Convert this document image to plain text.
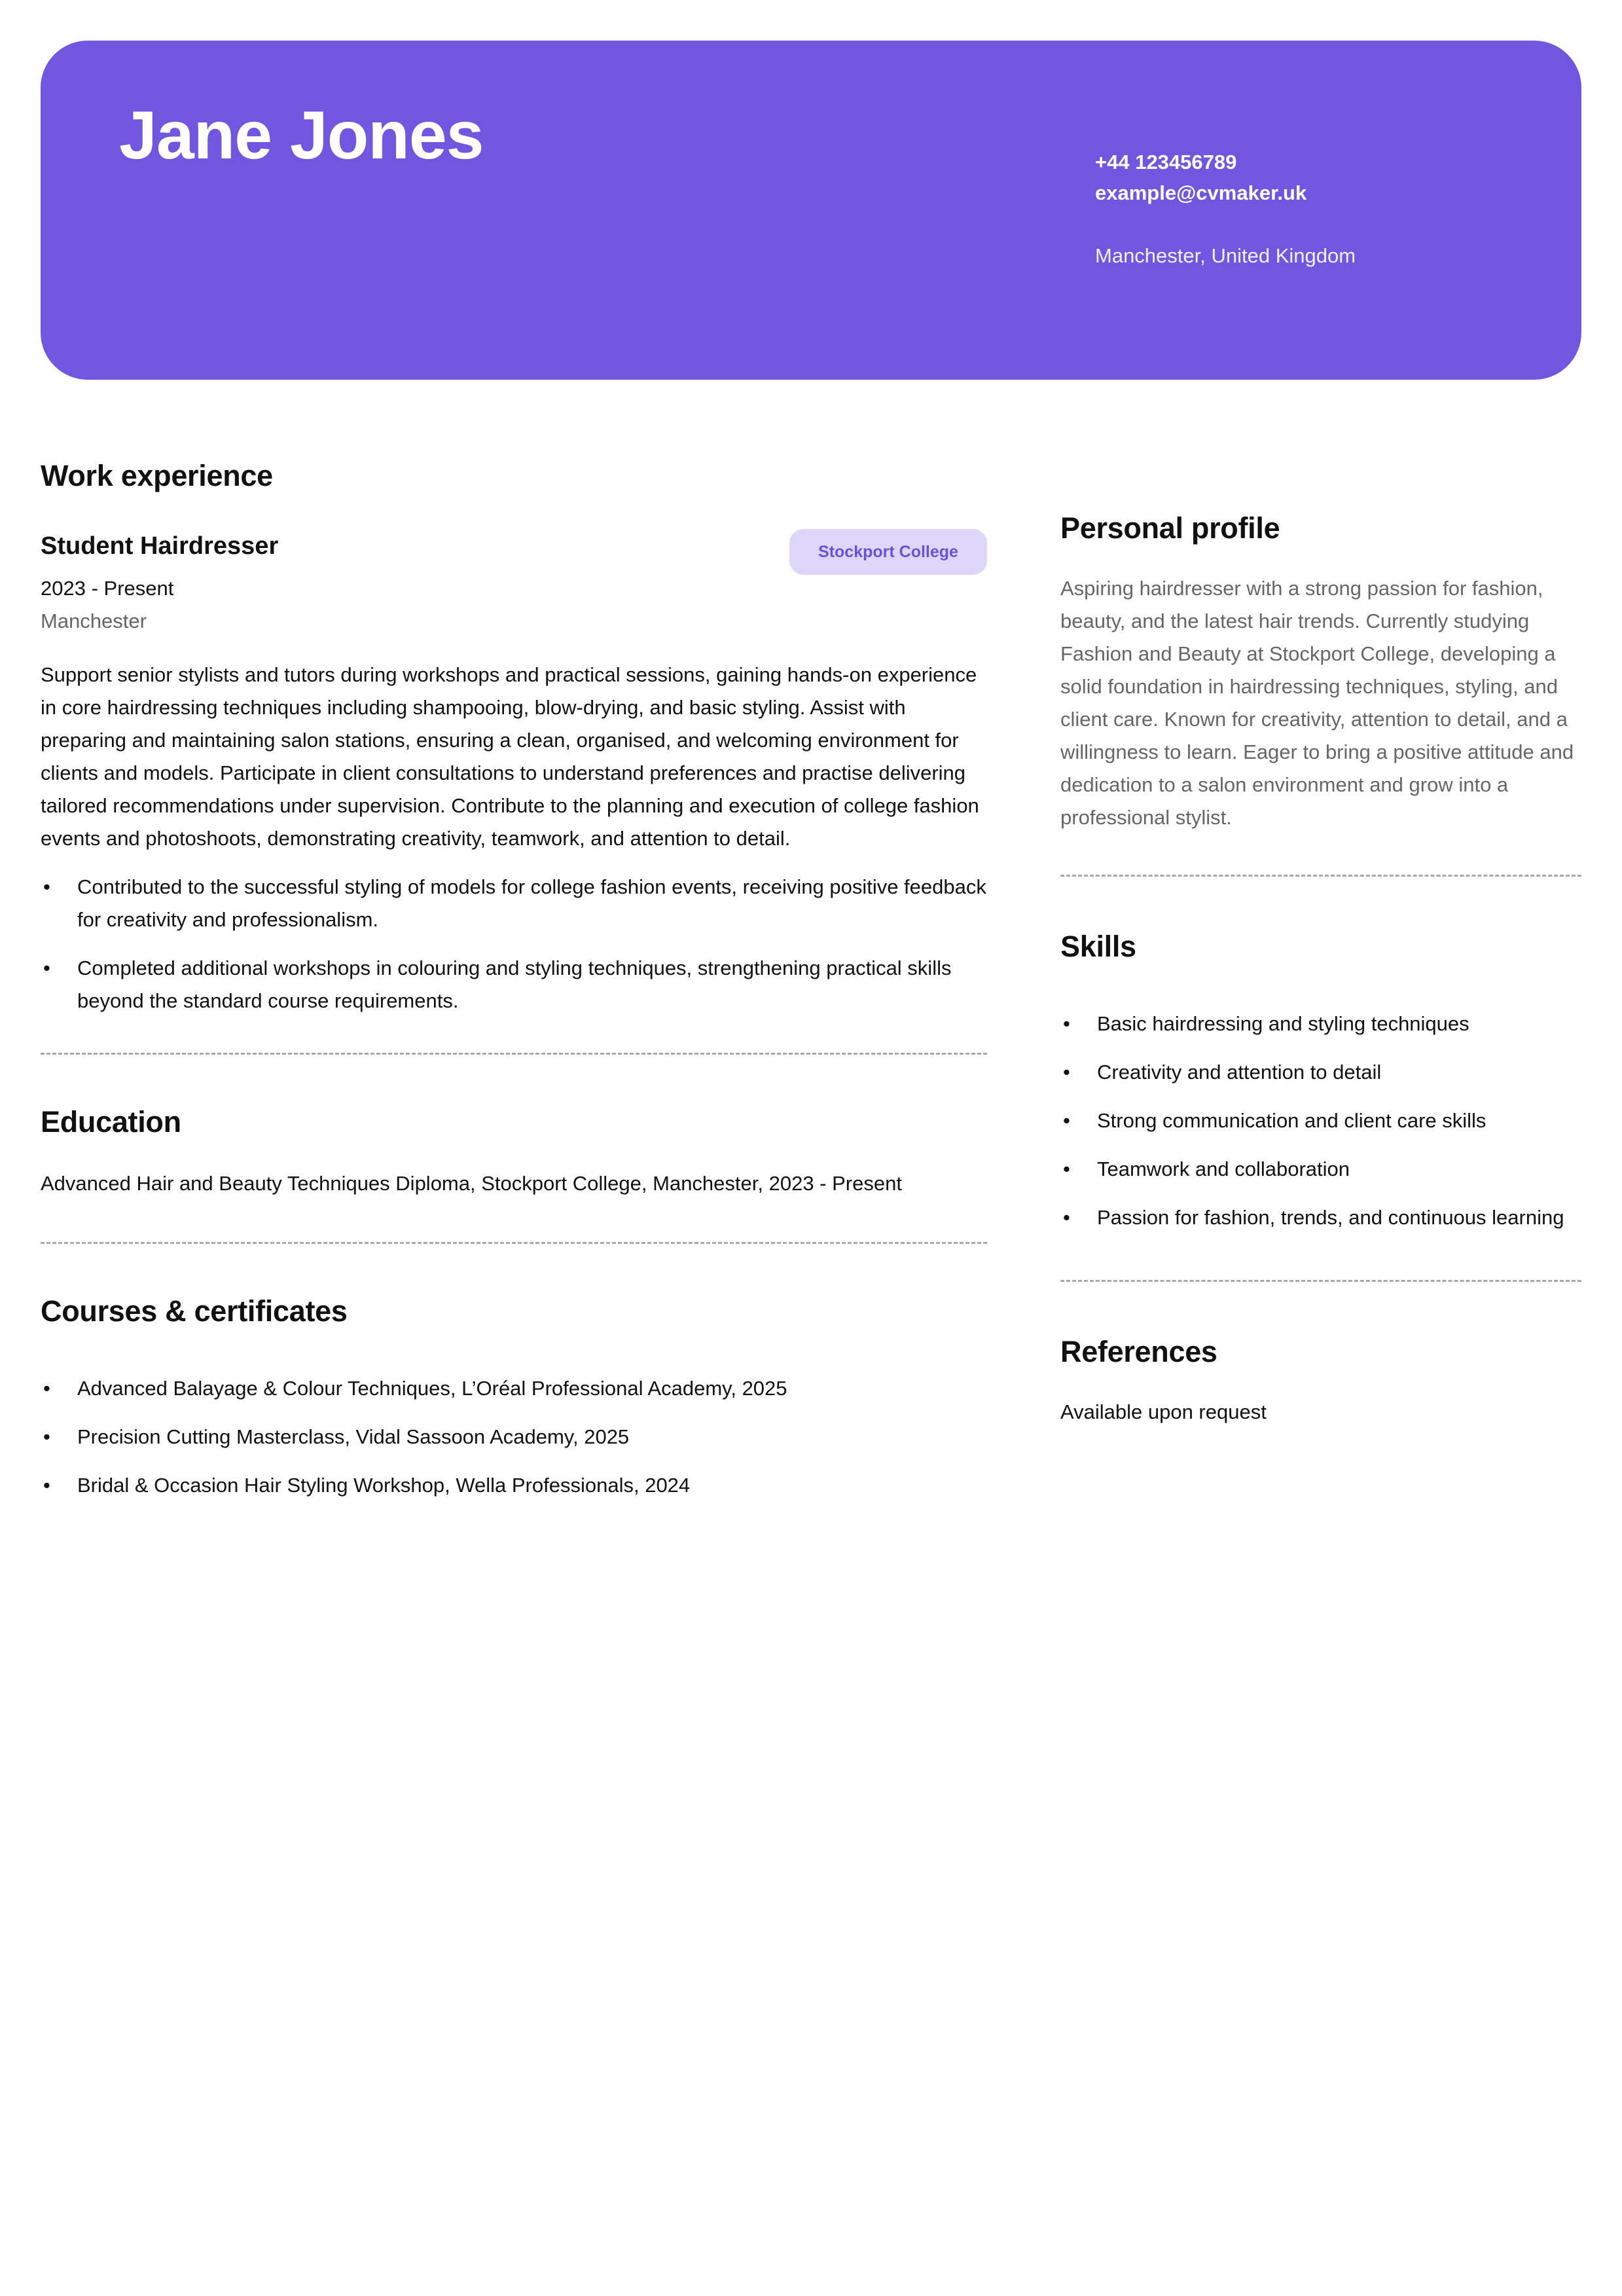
Jane Jones	+44 123456789
example@cvmaker.uk
Manchester, United Kingdom
Work experience
Student Hairdresser	Stockport College
2023 - Present
Manchester

Support senior stylists and tutors during workshops and practical sessions, gaining hands-on experience in core hairdressing techniques including shampooing, blow-drying, and basic styling. Assist with preparing and maintaining salon stations, ensuring a clean, organised, and welcoming environment for clients and models. Participate in client consultations to understand preferences and practise delivering tailored recommendations under supervision. Contribute to the planning and execution of college fashion events and photoshoots, demonstrating creativity, teamwork, and attention to detail.

• Contributed to the successful styling of models for college fashion events, receiving positive feedback for creativity and professionalism.
• Completed additional workshops in colouring and styling techniques, strengthening practical skills beyond the standard course requirements.
Education

Advanced Hair and Beauty Techniques Diploma, Stockport College, Manchester, 2023 - Present

Courses & certificates
• Advanced Balayage & Colour Techniques, L’Oréal Professional Academy, 2025
• Precision Cutting Masterclass, Vidal Sassoon Academy, 2025
• Bridal & Occasion Hair Styling Workshop, Wella Professionals, 2024
Personal profile

Aspiring hairdresser with a strong passion for fashion, beauty, and the latest hair trends. Currently studying Fashion and Beauty at Stockport College, developing a solid foundation in hairdressing techniques, styling, and client care. Known for creativity, attention to detail, and a willingness to learn. Eager to bring a positive attitude and dedication to a salon environment and grow into a professional stylist.

Skills
• Basic hairdressing and styling techniques
• Creativity and attention to detail
• Strong communication and client care skills
• Teamwork and collaboration
• Passion for fashion, trends, and continuous learning
References

Available upon request
